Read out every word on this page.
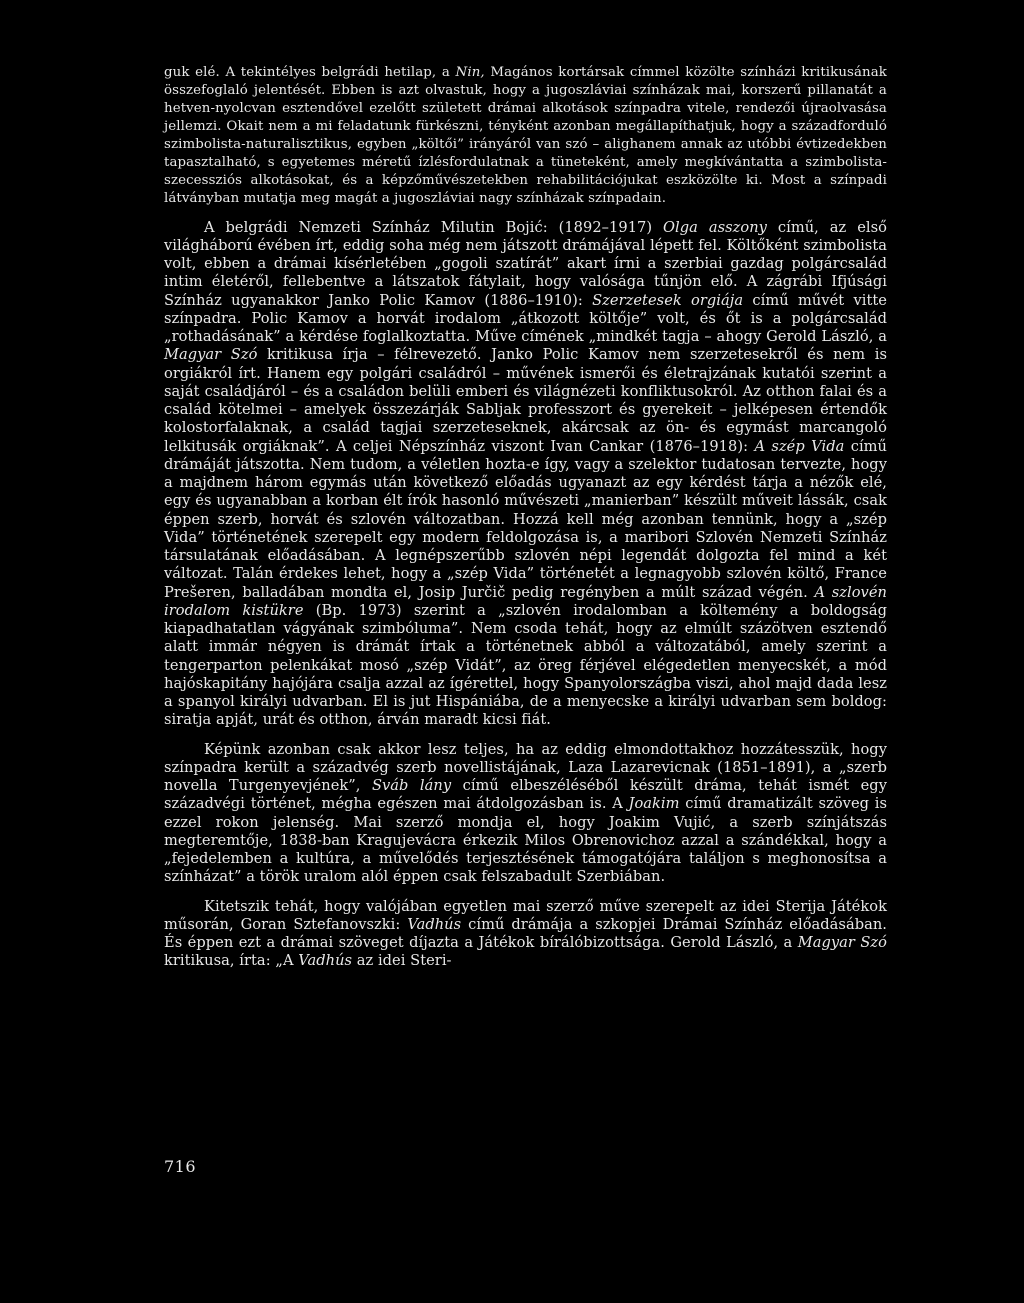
guk elé. A tekintélyes belgrádi hetilap, a Nin, Magános kortársak címmel közölte színházi kritikusának összefoglaló jelentését. Ebben is azt olvastuk, hogy a jugoszláviai színházak mai, korszerű pillanatát a hetven-nyolcvan esztendővel ezelőtt született drámai alkotások színpadra vitele, rendezői újraolvasása jellemzi. Okait nem a mi feladatunk fürkészni, tényként azonban megállapíthatjuk, hogy a századforduló szimbolista-naturalisztikus, egyben „költői” irányáról van szó – alighanem annak az utóbbi évtizedekben tapasztalható, s egyetemes méretű ízlésfordulatnak a tüneteként, amely megkívántatta a szimbolista-szecessziós alkotásokat, és a képzőművészetekben rehabilitációjukat eszközölte ki. Most a színpadi látványban mutatja meg magát a jugoszláviai nagy színházak színpadain.

A belgrádi Nemzeti Színház Milutin Bojić: (1892–1917) Olga asszony című, az első világháború évében írt, eddig soha még nem játszott drámájával lépett fel. Költőként szimbolista volt, ebben a drámai kísérletében „gogoli szatírát” akart írni a szerbiai gazdag polgárcsalád intim életéről, fellebentve a látszatok fátylait, hogy valósága tűnjön elő. A zágrábi Ifjúsági Színház ugyanakkor Janko Polic Kamov (1886–1910): Szerzetesek orgiája című művét vitte színpadra. Polic Kamov a horvát irodalom „átkozott költője” volt, és őt is a polgárcsalád „rothadásának” a kérdése foglalkoztatta. Műve címének „mindkét tagja – ahogy Gerold László, a Magyar Szó kritikusa írja – félrevezető. Janko Polic Kamov nem szerzetesekről és nem is orgiákról írt. Hanem egy polgári családról – művének ismerői és életrajzának kutatói szerint a saját családjáról – és a családon belüli emberi és világnézeti konfliktusokról. Az otthon falai és a család kötelmei – amelyek összezárják Sabljak professzort és gyerekeit – jelképesen értendők kolostorfalaknak, a család tagjai szerzeteseknek, akárcsak az ön- és egymást marcangoló lelkitusák orgiáknak”. A celjei Népszínház viszont Ivan Cankar (1876–1918): A szép Vida című drámáját játszotta. Nem tudom, a véletlen hozta-e így, vagy a szelektor tudatosan tervezte, hogy a majdnem három egymás után következő előadás ugyanazt az egy kérdést tárja a nézők elé, egy és ugyanabban a korban élt írók hasonló művészeti „manierban” készült műveit lássák, csak éppen szerb, horvát és szlovén változatban. Hozzá kell még azonban tennünk, hogy a „szép Vida” történetének szerepelt egy modern feldolgozása is, a maribori Szlovén Nemzeti Színház társulatának előadásában. A legnépszerűbb szlovén népi legendát dolgozta fel mind a két változat. Talán érdekes lehet, hogy a „szép Vida” történetét a legnagyobb szlovén költő, France Prešeren, balladában mondta el, Josip Jurčič pedig regényben a múlt század végén. A szlovén irodalom kistükre (Bp. 1973) szerint a „szlovén irodalomban a költemény a boldogság kiapadhatatlan vágyának szimbóluma”. Nem csoda tehát, hogy az elmúlt százötven esztendő alatt immár négyen is drámát írtak a történetnek abból a változatából, amely szerint a tengerparton pelenkákat mosó „szép Vidát”, az öreg férjével elégedetlen menyecskét, a mód hajóskapitány hajójára csalja azzal az ígérettel, hogy Spanyolországba viszi, ahol majd dada lesz a spanyol királyi udvarban. El is jut Hispániába, de a menyecske a királyi udvarban sem boldog: siratja apját, urát és otthon, árván maradt kicsi fiát.

Képünk azonban csak akkor lesz teljes, ha az eddig elmondottakhoz hozzátesszük, hogy színpadra került a századvég szerb novellistájának, Laza Lazarevicnak (1851–1891), a „szerb novella Turgenyevjének”, Sváb lány című elbeszéléséből készült dráma, tehát ismét egy századvégi történet, mégha egészen mai átdolgozásban is. A Joakim című dramatizált szöveg is ezzel rokon jelenség. Mai szerző mondja el, hogy Joakim Vujić, a szerb színjátszás megteremtője, 1838-ban Kragujevácra érkezik Milos Obrenovichoz azzal a szándékkal, hogy a „fejedelemben a kultúra, a művelődés terjesztésének támogatójára találjon s meghonosítsa a színházat” a török uralom alól éppen csak felszabadult Szerbiában.

Kitetszik tehát, hogy valójában egyetlen mai szerző műve szerepelt az idei Sterija Játékok műsorán, Goran Sztefanovszki: Vadhús című drámája a szkopjei Drámai Színház előadásában. És éppen ezt a drámai szöveget díjazta a Játékok bírálóbizottsága. Gerold László, a Magyar Szó kritikusa, írta: „A Vadhús az idei Steri-

716
